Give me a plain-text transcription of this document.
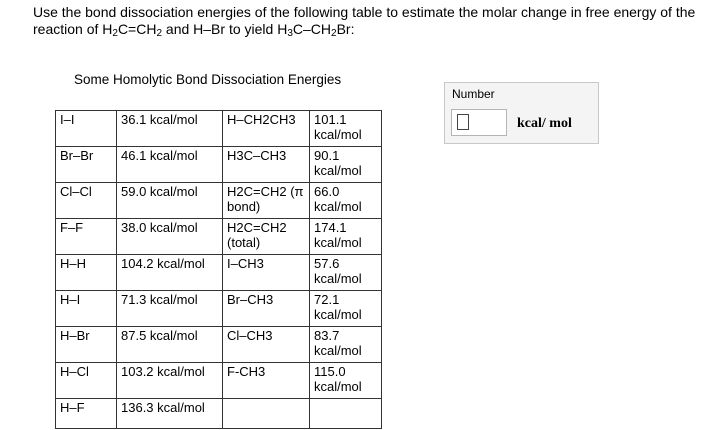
Use the bond dissociation energies of the following table to estimate the molar change in free energy of the reaction of $H_2C=CH_2$ and H–Br to yield $H_3C-CH_2Br$:
Some Homolytic Bond Dissociation Energies
I–I	36.1 kcal/mol	H–CH2CH3	101.1 kcal/mol
Br–Br	46.1 kcal/mol	H3C–CH3	90.1 kcal/mol
Cl–Cl	59.0 kcal/mol	H2C=CH2 (π bond)	66.0 kcal/mol
F–F	38.0 kcal/mol	H2C=CH2 (total)	174.1 kcal/mol
H–H	104.2 kcal/mol	I–CH3	57.6 kcal/mol
H–I	71.3 kcal/mol	Br–CH3	72.1 kcal/mol
H–Br	87.5 kcal/mol	Cl–CH3	83.7 kcal/mol
H–Cl	103.2 kcal/mol	F-CH3	115.0 kcal/mol
H–F	136.3 kcal/mol		
Number
kcal/ mol
